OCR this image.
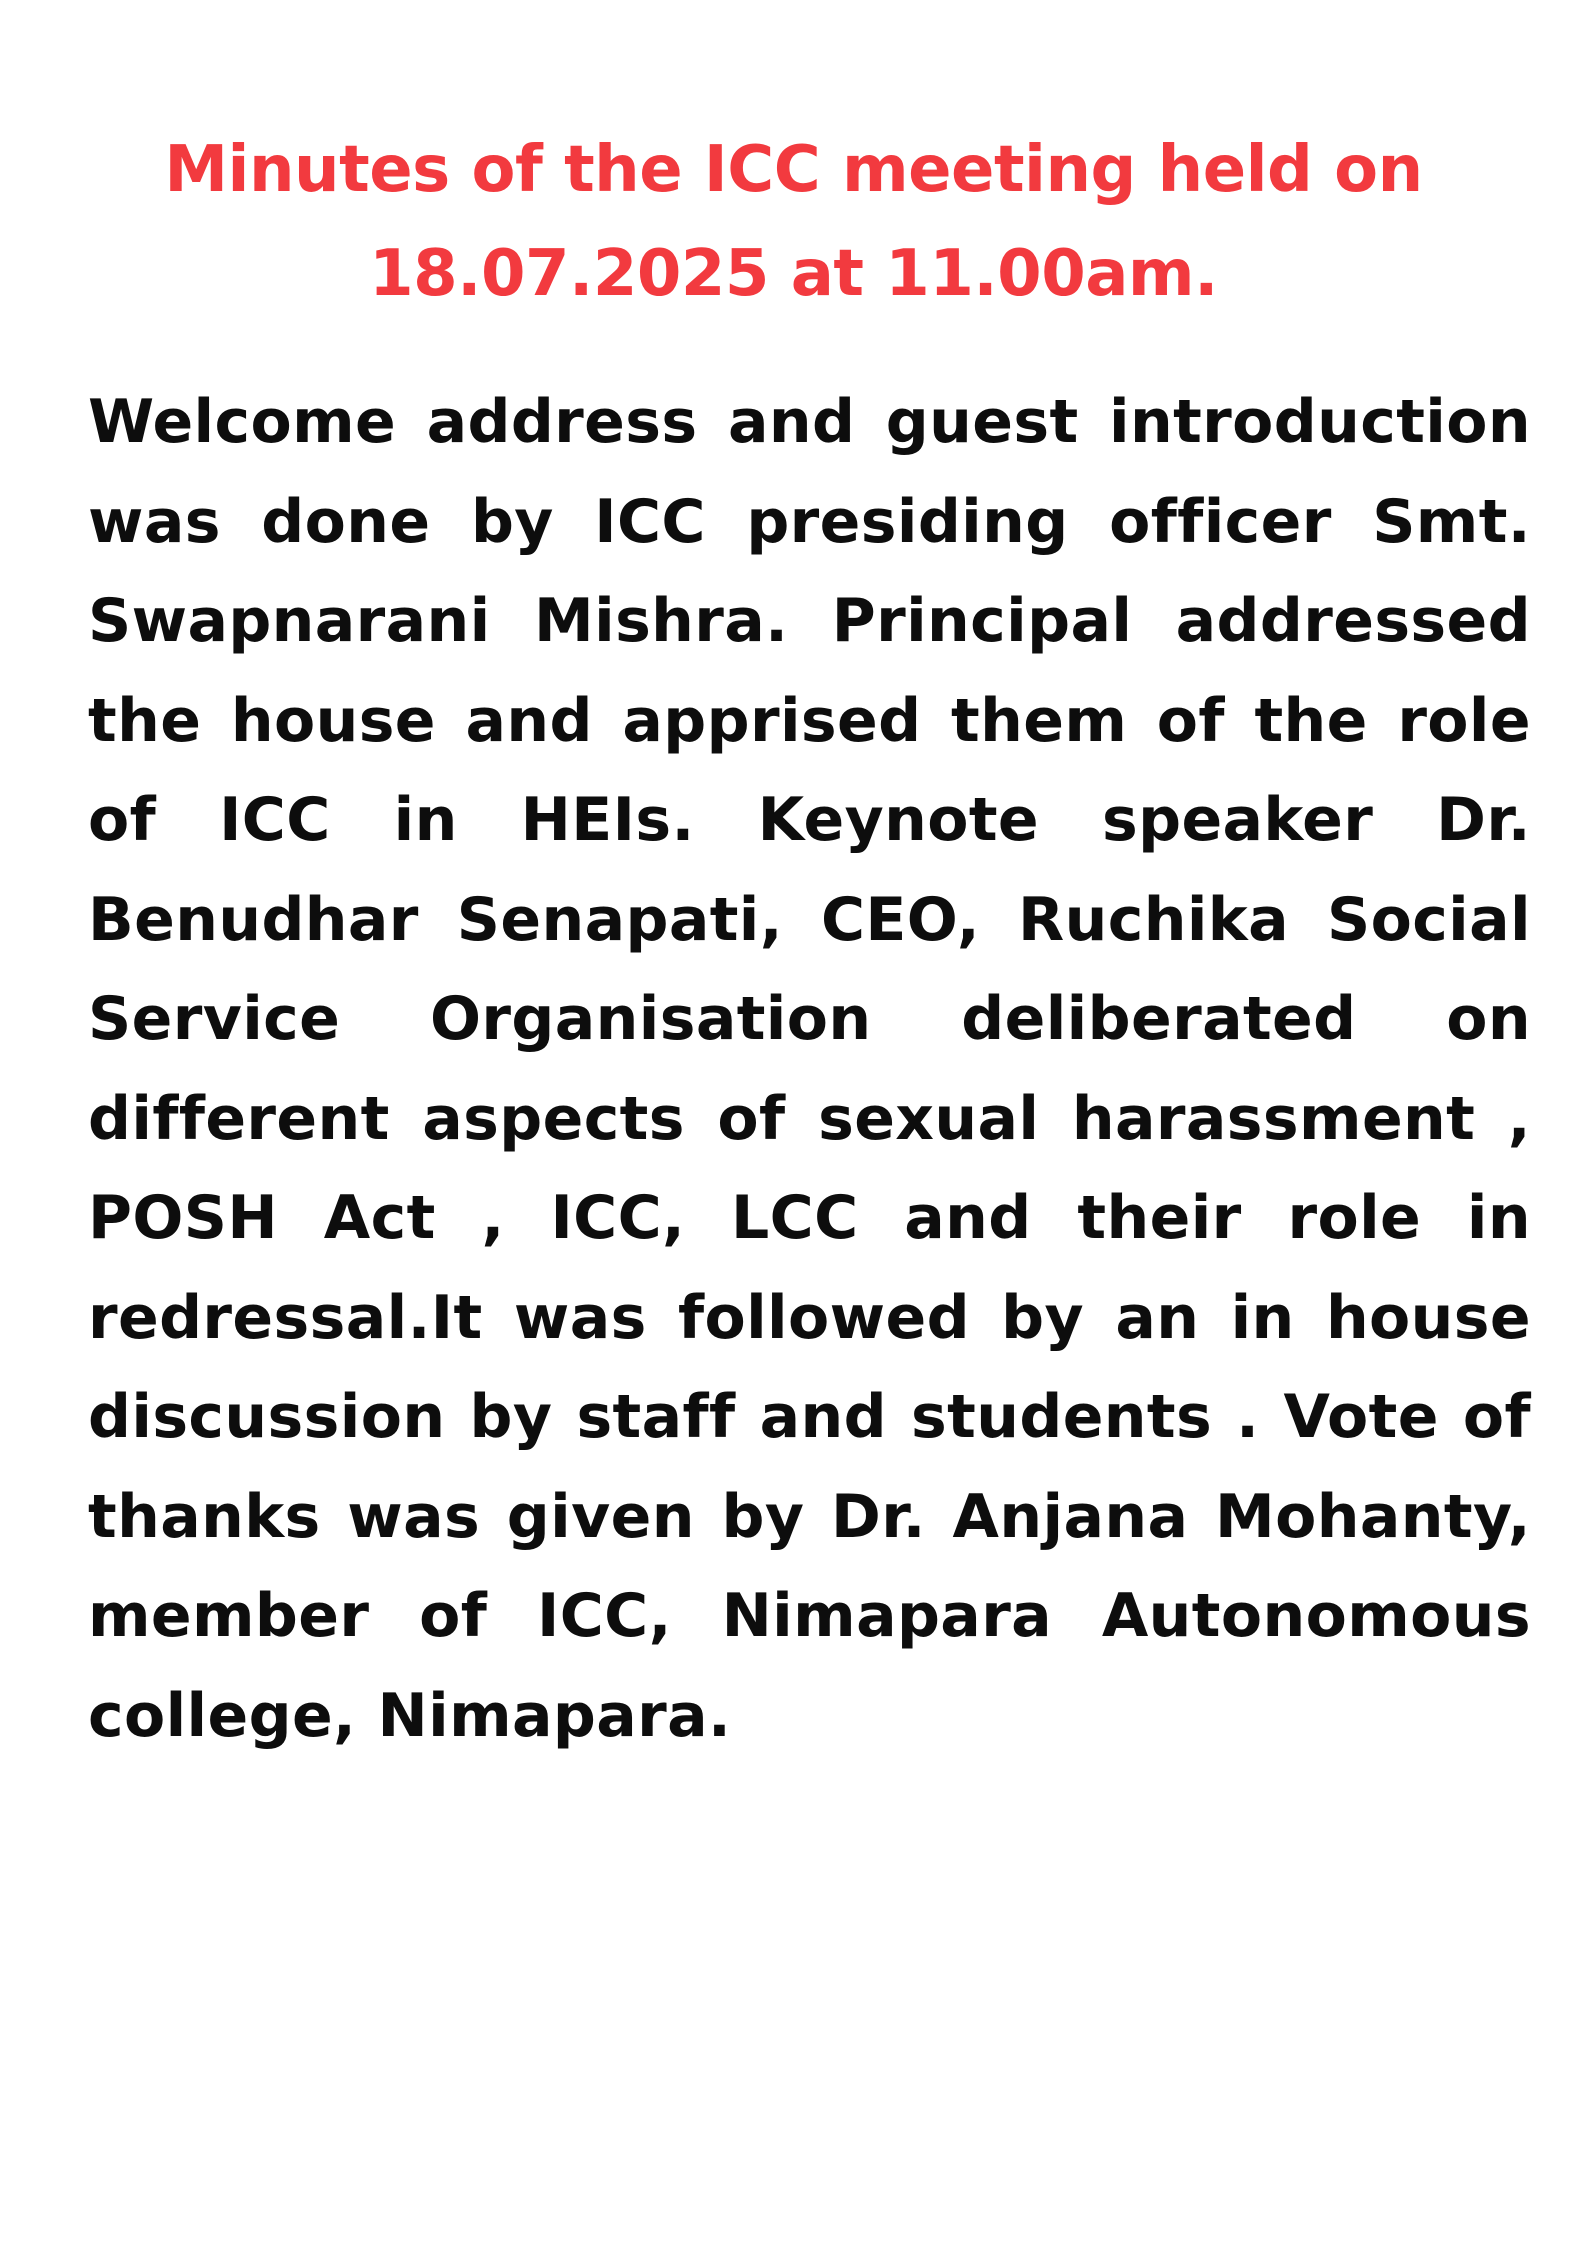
Minutes of the ICC meeting held on
18.07.2025 at 11.00am.
Welcome address and guest introduction
was done by ICC presiding officer Smt.
Swapnarani Mishra. Principal addressed
the house and apprised them of the role
of ICC in HEIs. Keynote speaker Dr.
Benudhar Senapati, CEO, Ruchika Social
Service Organisation deliberated on
different aspects of sexual harassment ,
POSH Act , ICC, LCC and their role in
redressal.It was followed by an in house
discussion by staff and students . Vote of
thanks was given by Dr. Anjana Mohanty,
member of ICC, Nimapara Autonomous
college, Nimapara.
